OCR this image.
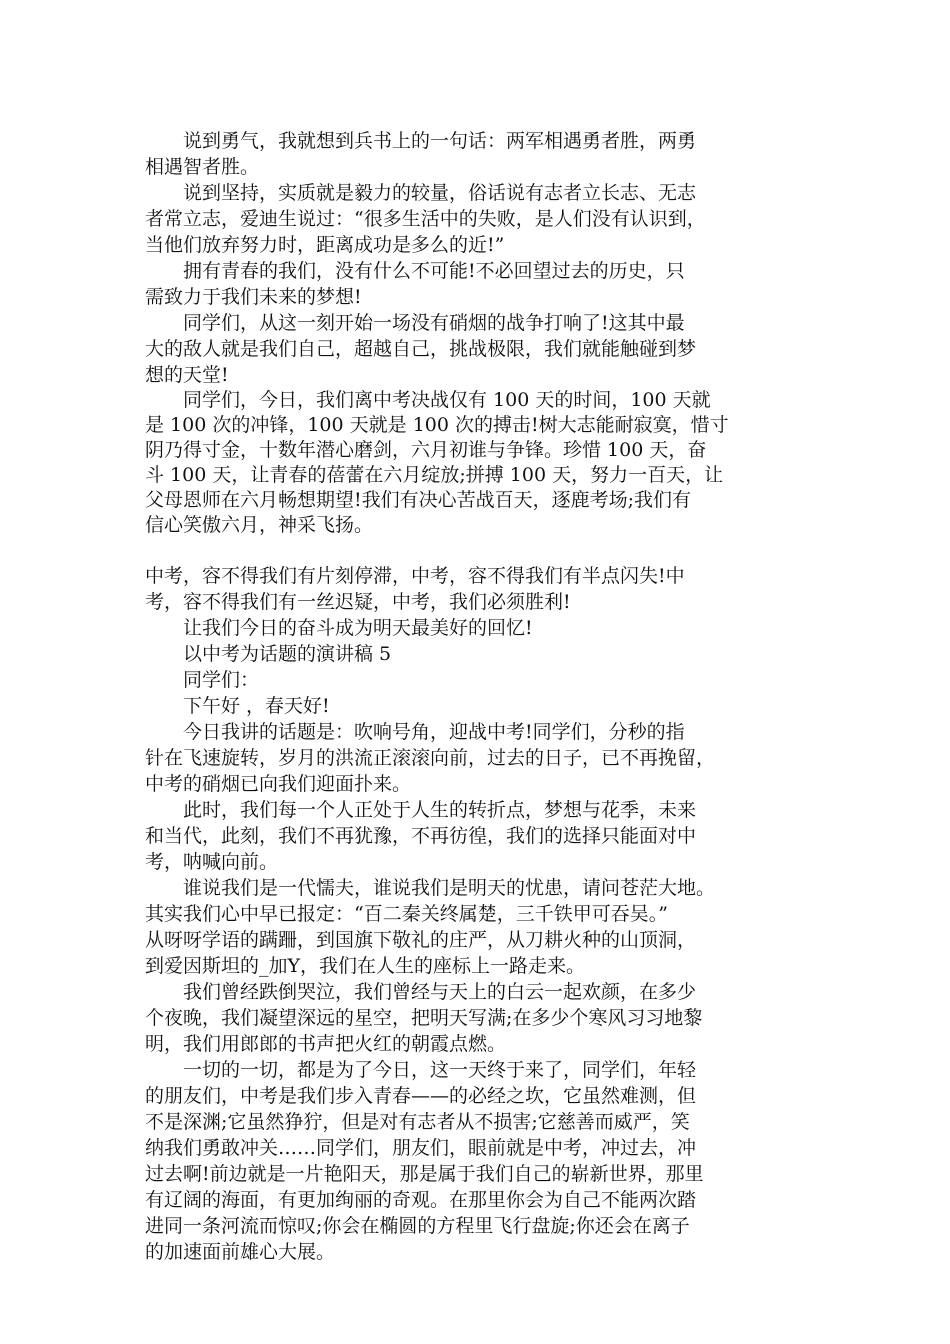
　　说到勇气，我就想到兵书上的一句话：两军相遇勇者胜，两勇
相遇智者胜。
　　说到坚持，实质就是毅力的较量，俗话说有志者立长志、无志
者常立志，爱迪生说过：“很多生活中的失败，是人们没有认识到，
当他们放弃努力时，距离成功是多么的近!”
　　拥有青春的我们，没有什么不可能!不必回望过去的历史，只
需致力于我们未来的梦想!
　　同学们，从这一刻开始一场没有硝烟的战争打响了!这其中最
大的敌人就是我们自己，超越自己，挑战极限，我们就能触碰到梦
想的天堂!
　　同学们，今日，我们离中考决战仅有 100 天的时间，100 天就
是 100 次的冲锋，100 天就是 100 次的搏击!树大志能耐寂寞，惜寸
阴乃得寸金，十数年潜心磨剑，六月初谁与争锋。珍惜 100 天，奋
斗 100 天，让青春的蓓蕾在六月绽放;拼搏 100 天，努力一百天，让
父母恩师在六月畅想期望!我们有决心苦战百天，逐鹿考场;我们有
信心笑傲六月，神采飞扬。
中考，容不得我们有片刻停滞，中考，容不得我们有半点闪失!中
考，容不得我们有一丝迟疑，中考，我们必须胜利!
　　让我们今日的奋斗成为明天最美好的回忆!
　　以中考为话题的演讲稿 5
　　同学们：
　　下午好 ，春天好!
　　今日我讲的话题是：吹响号角，迎战中考!同学们，分秒的指
针在飞速旋转，岁月的洪流正滚滚向前，过去的日子，已不再挽留，
中考的硝烟已向我们迎面扑来。
　　此时，我们每一个人正处于人生的转折点，梦想与花季，未来
和当代，此刻，我们不再犹豫，不再彷徨，我们的选择只能面对中
考，呐喊向前。
　　谁说我们是一代懦夫，谁说我们是明天的忧患，请问苍茫大地。
其实我们心中早已报定：“百二秦关终属楚，三千铁甲可吞吴。”
从呀呀学语的蹒跚，到国旗下敬礼的庄严，从刀耕火种的山顶洞，
到爱因斯坦的_加Y，我们在人生的座标上一路走来。
　　我们曾经跌倒哭泣，我们曾经与天上的白云一起欢颜，在多少
个夜晚，我们凝望深远的星空，把明天写满;在多少个寒风习习地黎
明，我们用郎郎的书声把火红的朝霞点燃。
　　一切的一切，都是为了今日，这一天终于来了，同学们，年轻
的朋友们，中考是我们步入青春——的必经之坎，它虽然难测，但
不是深渊;它虽然狰狞，但是对有志者从不损害;它慈善而威严，笑
纳我们勇敢冲关……同学们，朋友们，眼前就是中考，冲过去，冲
过去啊!前边就是一片艳阳天，那是属于我们自己的崭新世界，那里
有辽阔的海面，有更加绚丽的奇观。在那里你会为自己不能两次踏
进同一条河流而惊叹;你会在椭圆的方程里飞行盘旋;你还会在离子
的加速面前雄心大展。
